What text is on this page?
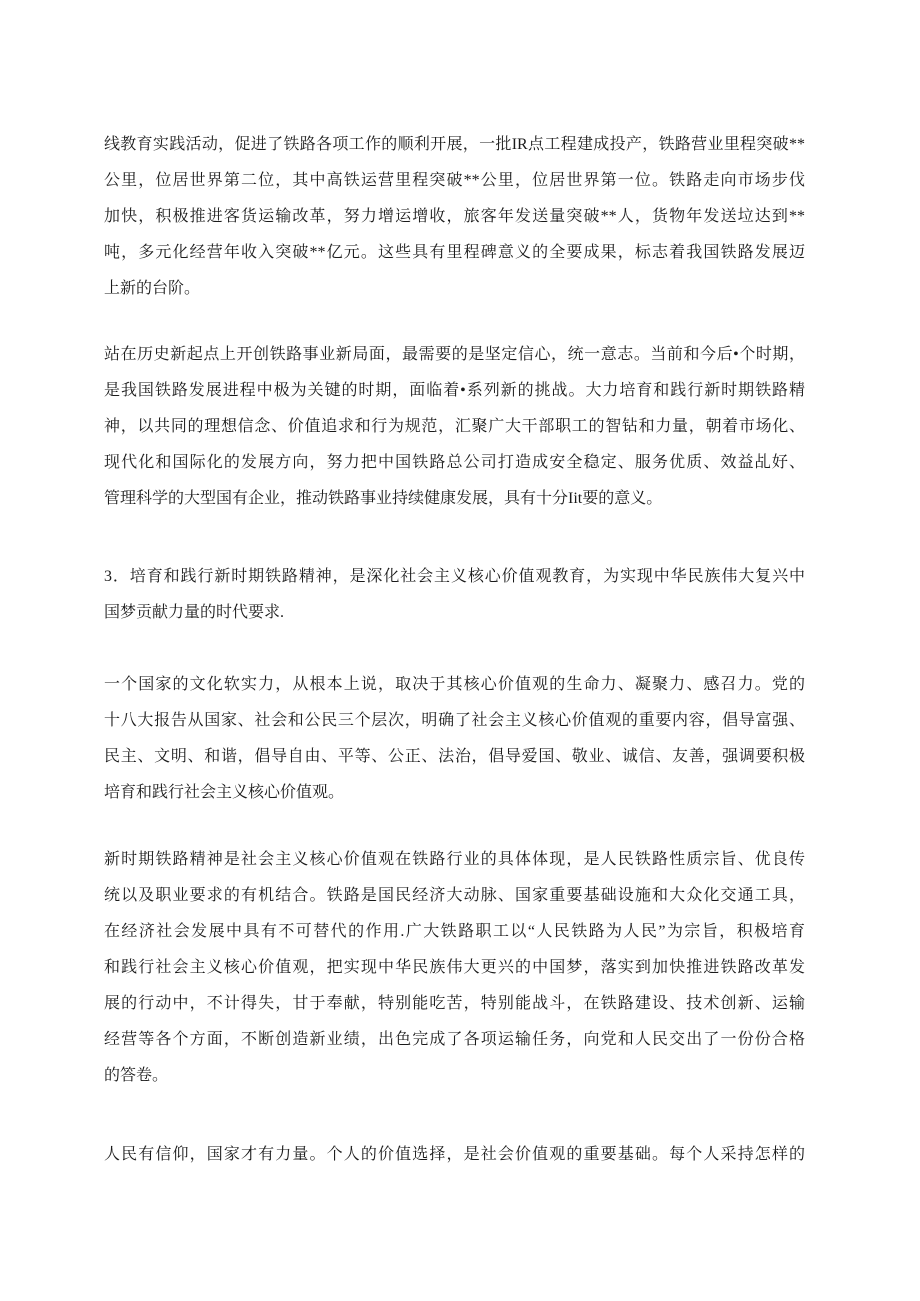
线教育实践活动，促进了铁路各项工作的顺利开展，一批IR点工程建成投产，铁路营业里程突破**
公里，位居世界第二位，其中高铁运营里程突破**公里，位居世界第一位。铁路走向市场步伐
加快，积极推进客货运输改革，努力增运增收，旅客年发送量突破**人，货物年发送垃达到**
吨，多元化经营年收入突破**亿元。这些具有里程碑意义的全要成果，标志着我国铁路发展迈
上新的台阶。
站在历史新起点上开创铁路事业新局面，最需要的是坚定信心，统一意志。当前和今后•个时期，
是我国铁路发展进程中极为关键的时期，面临着•系列新的挑战。大力培育和践行新时期铁路精
神，以共同的理想信念、价值追求和行为规范，汇聚广大干部职工的智钻和力量，朝着市场化、
现代化和国际化的发展方向，努力把中国铁路总公司打造成安全稳定、服务优质、效益乩好、
管理科学的大型国有企业，推动铁路事业持续健康发展，具有十分Iit要的意义。
3．培育和践行新时期铁路精神，是深化社会主义核心价值观教育，为实现中华民族伟大复兴中
国梦贡献力量的时代要求.
一个国家的文化软实力，从根本上说，取决于其核心价值观的生命力、凝聚力、感召力。党的
十八大报告从国家、社会和公民三个层次，明确了社会主义核心价值观的重要内容，倡导富强、
民主、文明、和谐，倡导自由、平等、公正、法治，倡导爱国、敬业、诚信、友善，强调要积极
培育和践行社会主义核心价值观。
新时期铁路精神是社会主义核心价值观在铁路行业的具体体现，是人民铁路性质宗旨、优良传
统以及职业要求的有机结合。铁路是国民经济大动脉、国家重要基础设施和大众化交通工具，
在经济社会发展中具有不可替代的作用.广大铁路职工以“人民铁路为人民”为宗旨，积极培育
和践行社会主义核心价值观，把实现中华民族伟大更兴的中国梦，落实到加快推进铁路改革发
展的行动中，不计得失，甘于奉献，特别能吃苦，特别能战斗，在铁路建设、技术创新、运输
经营等各个方面，不断创造新业绩，出色完成了各项运输任务，向党和人民交出了一份份合格
的答卷。
人民有信仰，国家才有力量。个人的价值选择，是社会价值观的重要基础。每个人采持怎样的
